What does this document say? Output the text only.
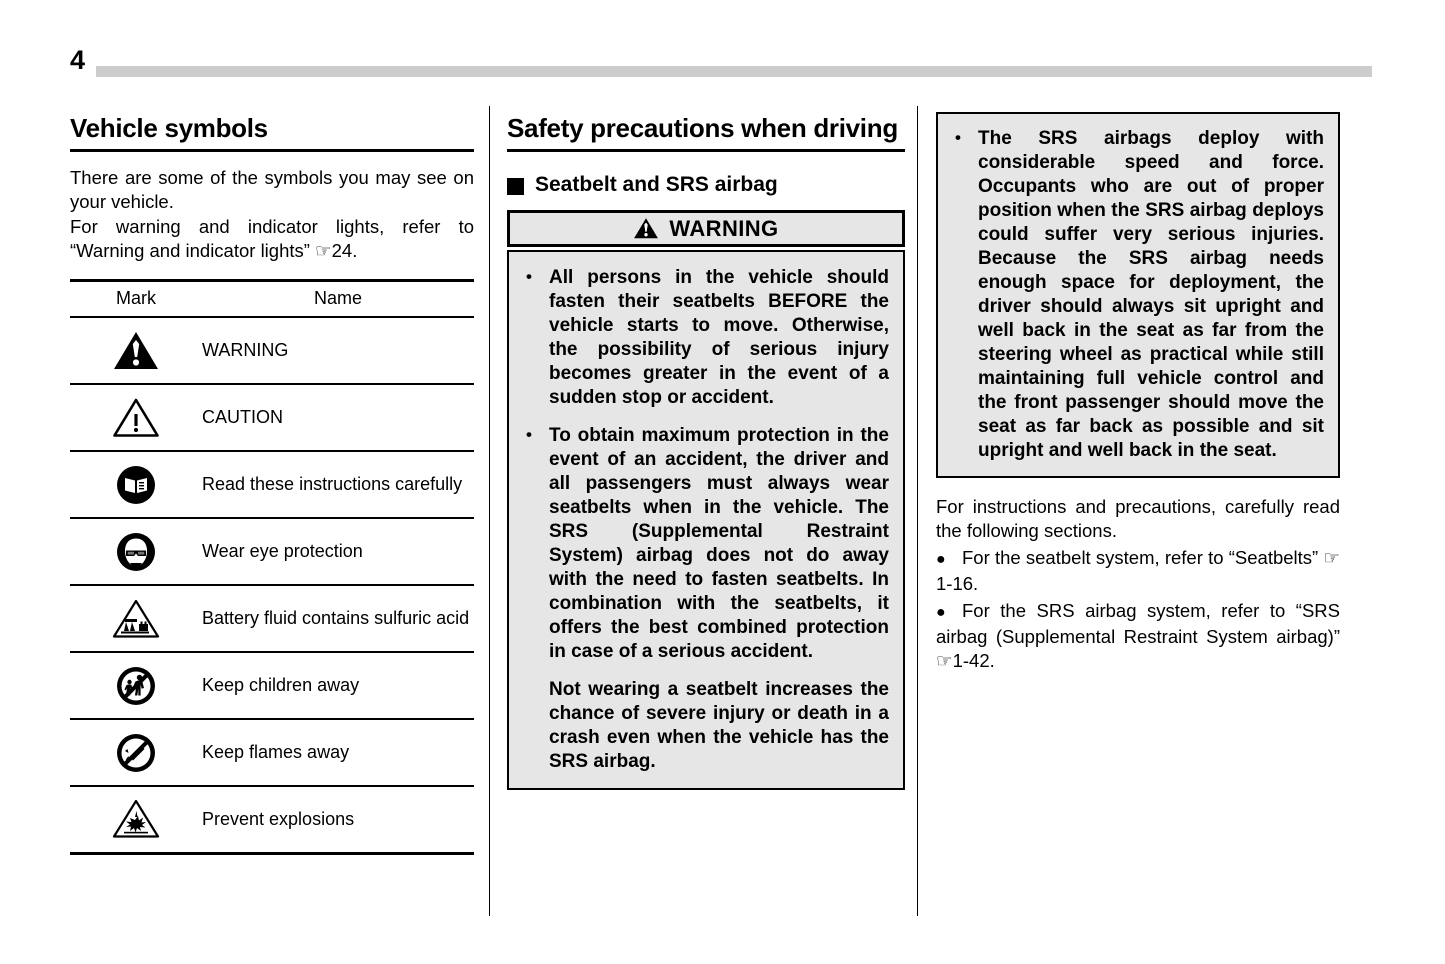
4
Vehicle symbols

There are some of the symbols you may see on your vehicle.

For warning and indicator lights, refer to “Warning and indicator lights” ☞24.

Mark	Name

	WARNING

	CAUTION

	Read these instructions carefully

	Wear eye protection

	Battery fluid contains sulfuric acid

	Keep children away

	Keep flames away

	Prevent explosions
Safety precautions when driving
Seatbelt and SRS airbag
WARNING
• All persons in the vehicle should fasten their seatbelts BEFORE the vehicle starts to move. Otherwise, the possibility of serious injury becomes greater in the event of a sudden stop or accident.
• To obtain maximum protection in the event of an accident, the driver and all passengers must always wear seatbelts when in the vehicle. The SRS (Supplemental Restraint System) airbag does not do away with the need to fasten seatbelts. In combination with the seatbelts, it offers the best combined protection in case of a serious accident.

Not wearing a seatbelt increases the chance of severe injury or death in a crash even when the vehicle has the SRS airbag.

• The SRS airbags deploy with considerable speed and force. Occupants who are out of proper position when the SRS airbag deploys could suffer very serious injuries. Because the SRS airbag needs enough space for deployment, the driver should always sit upright and well back in the seat as far from the steering wheel as practical while still maintaining full vehicle control and the front passenger should move the seat as far back as possible and sit upright and well back in the seat.

For instructions and precautions, carefully read the following sections.

● For the seatbelt system, refer to “Seatbelts” ☞1-16.
● For the SRS airbag system, refer to “SRS airbag (Supplemental Restraint System airbag)” ☞1-42.
